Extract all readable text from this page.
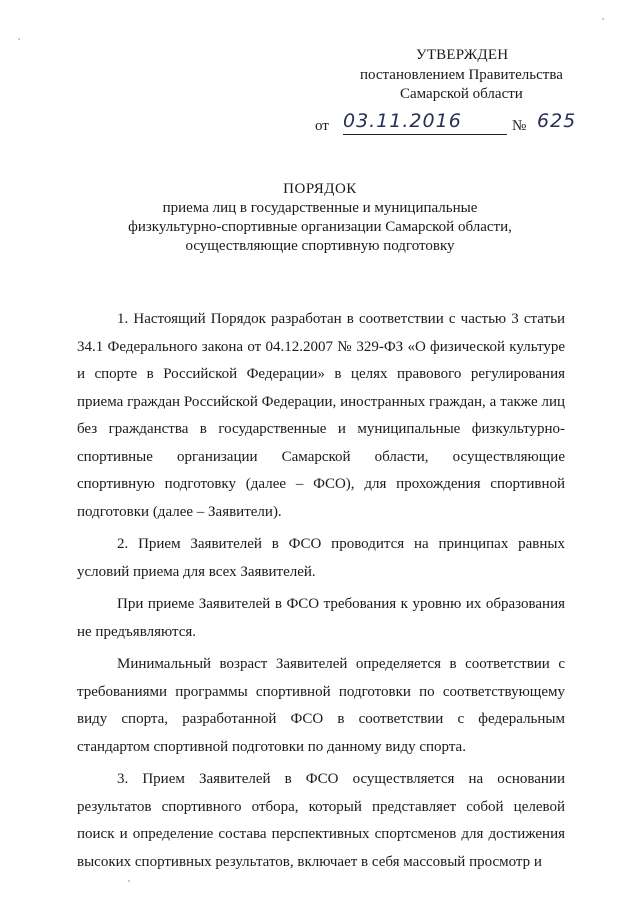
УТВЕРЖДЕН
постановлением Правительства
Самарской области
от 03.11.2016	№ 625
ПОРЯДОК
приема лиц в государственные и муниципальные
физкультурно-спортивные организации Самарской области,
осуществляющие спортивную подготовку

1. Настоящий Порядок разработан в соответствии с частью 3 статьи 34.1 Федерального закона от 04.12.2007 № 329-ФЗ «О физической культуре и спорте в Российской Федерации» в целях правового регулирования приема граждан Российской Федерации, иностранных граждан, а также лиц без гражданства в государственные и муниципальные физкультурно-спортивные организации Самарской области, осуществляющие спортивную подготовку (далее – ФСО), для прохождения спортивной подготовки (далее – Заявители).

2. Прием Заявителей в ФСО проводится на принципах равных условий приема для всех Заявителей.

При приеме Заявителей в ФСО требования к уровню их образования не предъявляются.

Минимальный возраст Заявителей определяется в соответствии с требованиями программы спортивной подготовки по соответствующему виду спорта, разработанной ФСО в соответствии с федеральным стандартом спортивной подготовки по данному виду спорта.

3. Прием Заявителей в ФСО осуществляется на основании результатов спортивного отбора, который представляет собой целевой поиск и определение состава перспективных спортсменов для достижения высоких спортивных результатов, включает в себя массовый просмотр и
